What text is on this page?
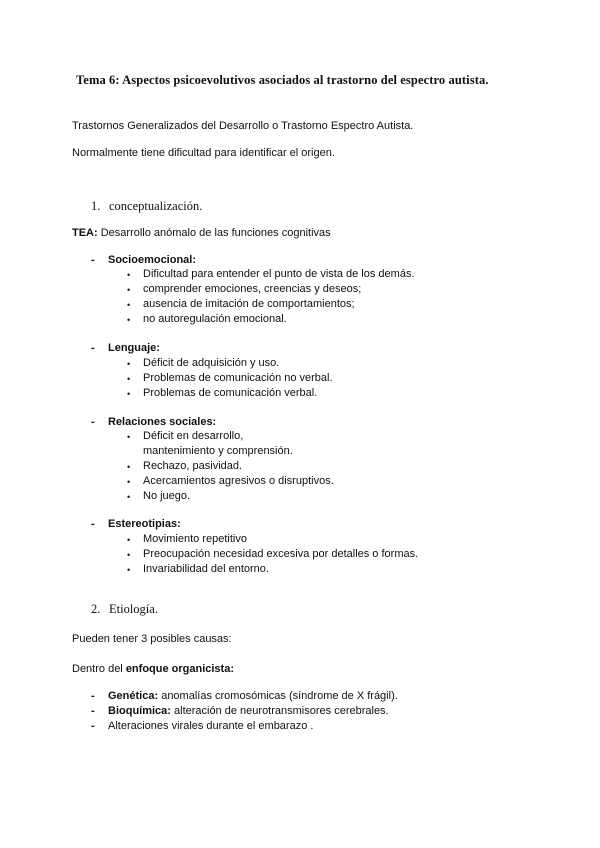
Tema 6: Aspectos psicoevolutivos asociados al trastorno del espectro autista.
Trastornos Generalizados del Desarrollo o Trastorno Espectro Autista.
Normalmente tiene dificultad para identificar el origen.
1. conceptualización.
TEA: Desarrollo anómalo de las funciones cognitivas
- Socioemocional:
• Dificultad para entender el punto de vista de los demás.
• comprender emociones, creencias y deseos;
• ausencia de imitación de comportamientos;
• no autoregulación emocional.
- Lenguaje:
• Déficit de adquisición y uso.
• Problemas de comunicación no verbal.
• Problemas de comunicación verbal.
- Relaciones sociales:
• Déficit en desarrollo,
mantenimiento y comprensión.
• Rechazo, pasividad.
• Acercamientos agresivos o disruptivos.
• No juego.
- Estereotipias:
• Movimiento repetitivo
• Preocupación necesidad excesiva por detalles o formas.
• Invariabilidad del entorno.
2. Etiología.
Pueden tener 3 posibles causas:
Dentro del enfoque organicista:
- Genética: anomalías cromosómicas (síndrome de X frágil).
- Bioquímica: alteración de neurotransmisores cerebrales.
- Alteraciones virales durante el embarazo .
